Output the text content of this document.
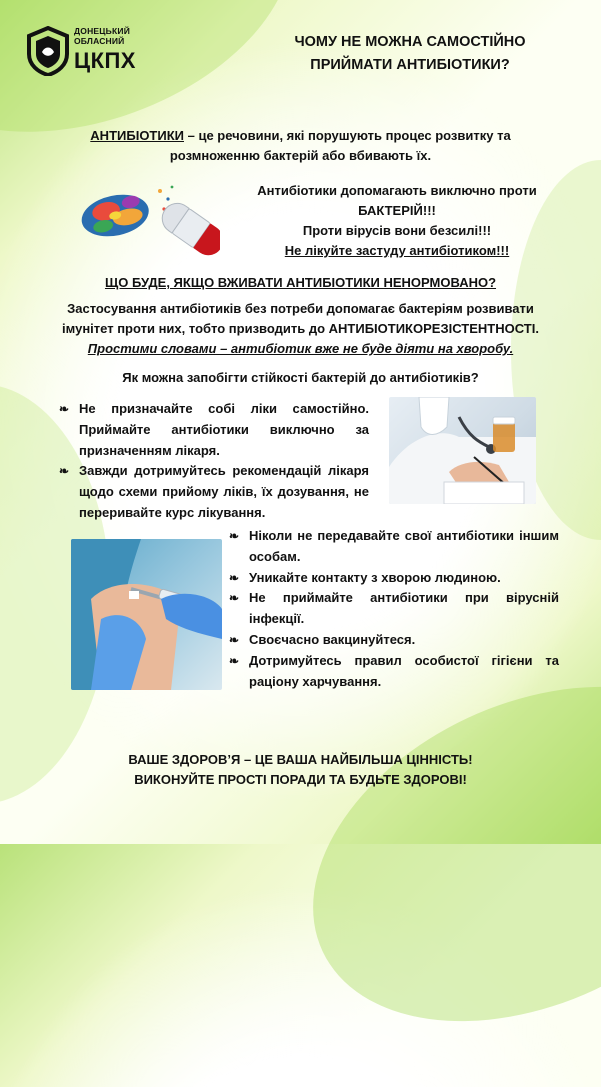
ДОНЕЦЬКИЙ
ОБЛАСНИЙ
ЦКПХ
ЧОМУ НЕ МОЖНА САМОСТІЙНО
ПРИЙМАТИ АНТИБІОТИКИ?
АНТИБІОТИКИ – це речовини, які порушують процес розвитку та
розмноженню бактерій або вбивають їх.
Антибіотики допомагають виключно проти
БАКТЕРІЙ!!!
Проти вірусів вони безсилі!!!
Не лікуйте застуду антибіотиком!!!
ЩО БУДЕ, ЯКЩО ВЖИВАТИ АНТИБІОТИКИ НЕНОРМОВАНО?
Застосування антибіотиків без потреби допомагає бактеріям розвивати
імунітет проти них, тобто призводить до АНТИБІОТИКОРЕЗІСТЕНТНОСТІ.
Простими словами – антибіотик вже не буде діяти на хворобу.
Як можна запобігти стійкості бактерій до антибіотиків?
❧ Не призначайте собі ліки самостійно. Приймайте антибіотики виключно за призначенням лікаря.
❧ Завжди дотримуйтесь рекомендацій лікаря щодо схеми прийому ліків, їх дозування, не переривайте курс лікування.
❧ Ніколи не передавайте свої антибіотики іншим особам.
❧ Уникайте контакту з хворою людиною.
❧ Не приймайте антибіотики при вірусній інфекції.
❧ Своєчасно вакцинуйтеся.
❧ Дотримуйтесь правил особистої гігієни та раціону харчування.
ВАШЕ ЗДОРОВ’Я – ЦЕ ВАША НАЙБІЛЬША ЦІННІСТЬ!
ВИКОНУЙТЕ ПРОСТІ ПОРАДИ ТА БУДЬТЕ ЗДОРОВІ!
